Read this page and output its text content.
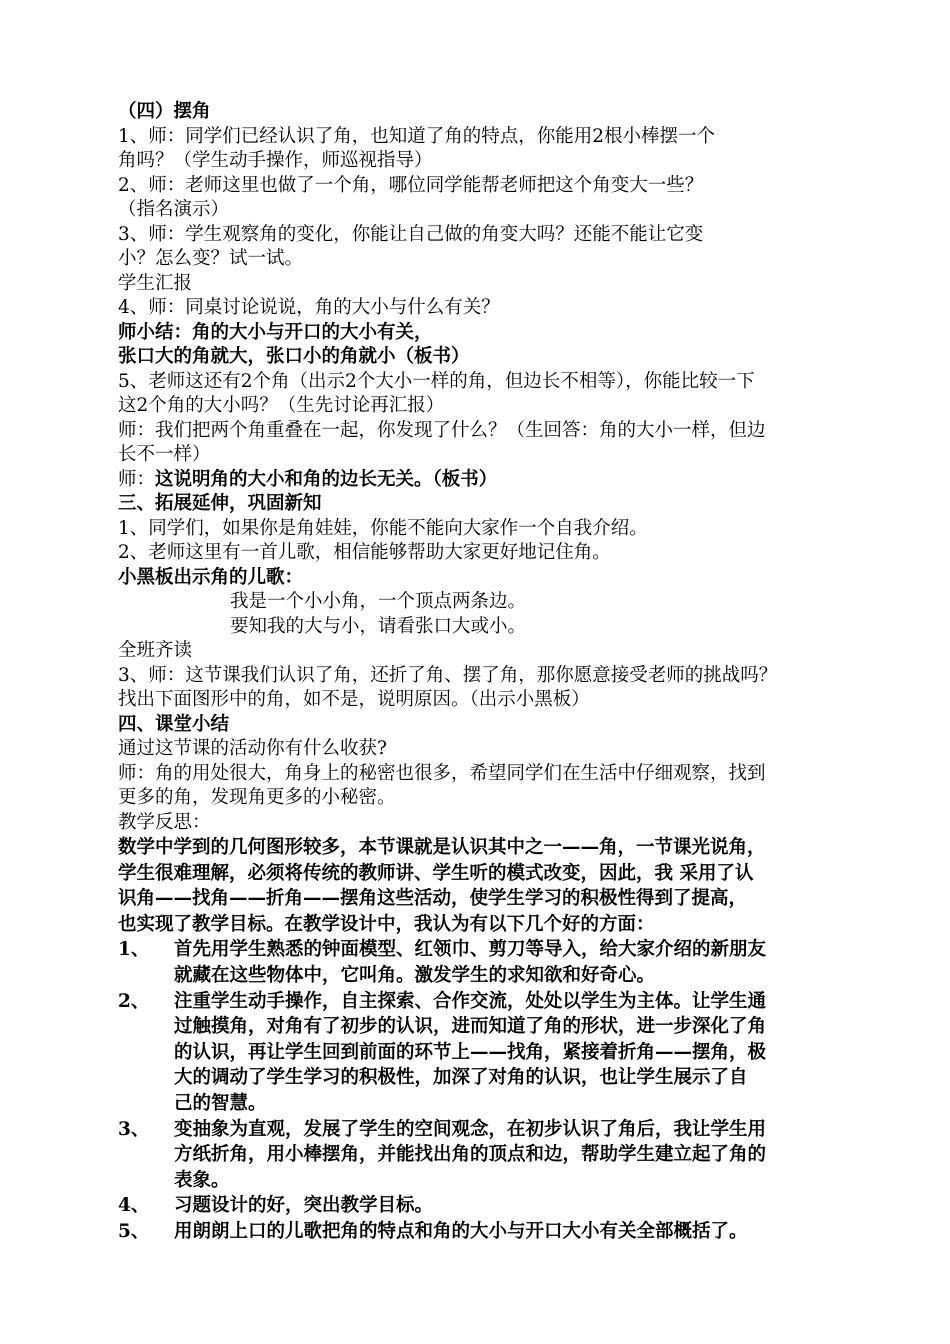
（四）摆角
1、师：同学们已经认识了角，也知道了角的特点，你能用2根小棒摆一个
角吗？（学生动手操作，师巡视指导）
2、师：老师这里也做了一个角，哪位同学能帮老师把这个角变大一些？
（指名演示）
3、师：学生观察角的变化，你能让自己做的角变大吗？还能不能让它变
小？怎么变？试一试。
学生汇报
4、师：同桌讨论说说，角的大小与什么有关？
师小结：角的大小与开口的大小有关，
张口大的角就大，张口小的角就小（板书）
5、老师这还有2个角（出示2个大小一样的角，但边长不相等），你能比较一下
这2个角的大小吗？（生先讨论再汇报）
师：我们把两个角重叠在一起，你发现了什么？（生回答：角的大小一样，但边
长不一样）
师：这说明角的大小和角的边长无关。（板书）
三、拓展延伸，巩固新知
1、同学们，如果你是角娃娃，你能不能向大家作一个自我介绍。
2、老师这里有一首儿歌，相信能够帮助大家更好地记住角。
小黑板出示角的儿歌：
我是一个小小角，一个顶点两条边。
要知我的大与小，请看张口大或小。
全班齐读
3、师：这节课我们认识了角，还折了角、摆了角，那你愿意接受老师的挑战吗？
找出下面图形中的角，如不是，说明原因。（出示小黑板）
四、课堂小结
通过这节课的活动你有什么收获?
师：角的用处很大，角身上的秘密也很多，希望同学们在生活中仔细观察，找到
更多的角，发现角更多的小秘密。
教学反思：
数学中学到的几何图形较多，本节课就是认识其中之一——角，一节课光说角，
学生很难理解，必须将传统的教师讲、学生听的模式改变，因此，我 采用了认
识角——找角——折角——摆角这些活动，使学生学习的积极性得到了提高，
也实现了教学目标。在教学设计中，我认为有以下几个好的方面：
1、	首先用学生熟悉的钟面模型、红领巾、剪刀等导入，给大家介绍的新朋友
就藏在这些物体中，它叫角。激发学生的求知欲和好奇心。
2、	注重学生动手操作，自主探索、合作交流，处处以学生为主体。让学生通
过触摸角，对角有了初步的认识，进而知道了角的形状，进一步深化了角
的认识，再让学生回到前面的环节上——找角，紧接着折角——摆角，极
大的调动了学生学习的积极性，加深了对角的认识，也让学生展示了自
己的智慧。
3、	变抽象为直观，发展了学生的空间观念，在初步认识了角后，我让学生用
方纸折角，用小棒摆角，并能找出角的顶点和边，帮助学生建立起了角的
表象。
4、	习题设计的好，突出教学目标。
5、	用朗朗上口的儿歌把角的特点和角的大小与开口大小有关全部概括了。
